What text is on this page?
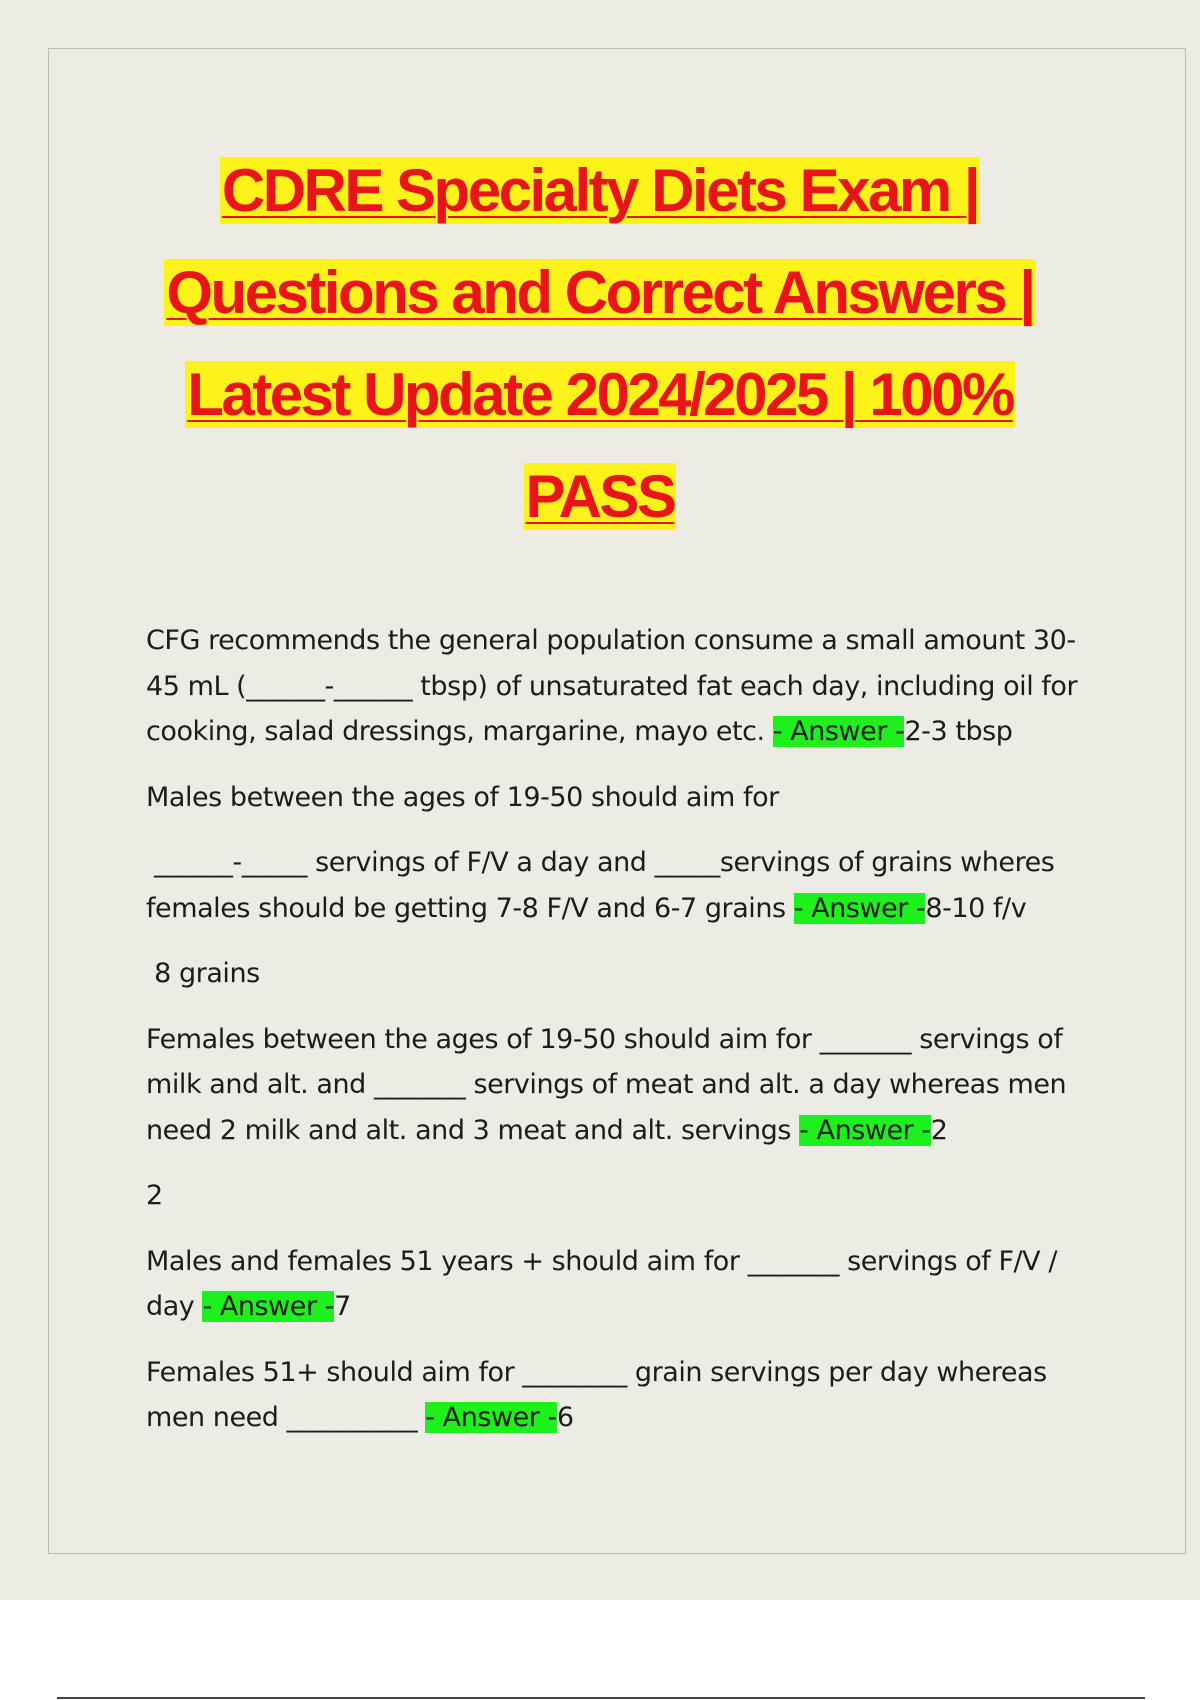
CDRE Specialty Diets Exam |
Questions and Correct Answers |
Latest Update 2024/2025 | 100%
PASS
CFG recommends the general population consume a small amount 30-
45 mL (______-______ tbsp) of unsaturated fat each day, including oil for
cooking, salad dressings, margarine, mayo etc. - Answer -2-3 tbsp
Males between the ages of 19-50 should aim for
______-_____ servings of F/V a day and _____servings of grains wheres
females should be getting 7-8 F/V and 6-7 grains - Answer -8-10 f/v
8 grains
Females between the ages of 19-50 should aim for _______ servings of
milk and alt. and _______ servings of meat and alt. a day whereas men
need 2 milk and alt. and 3 meat and alt. servings - Answer -2
2
Males and females 51 years + should aim for _______ servings of F/V /
day - Answer -7
Females 51+ should aim for ________ grain servings per day whereas
men need __________ - Answer -6
